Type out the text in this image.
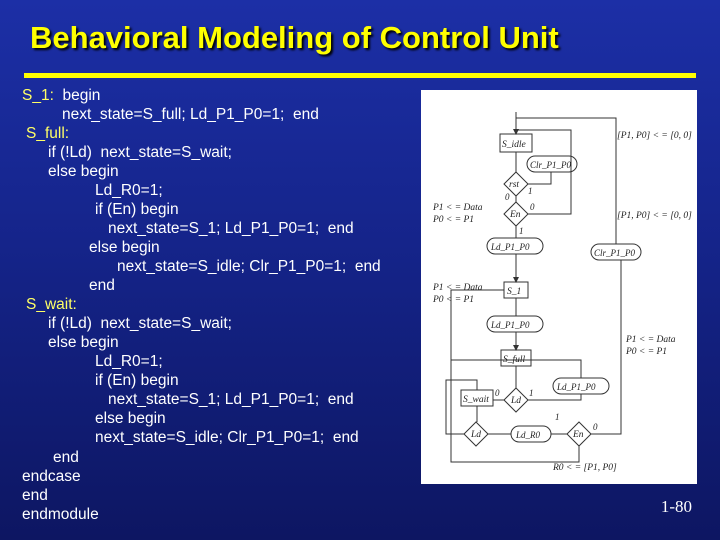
Behavioral Modeling of Control Unit
S_1:  begin
next_state=S_full; Ld_P1_P0=1;  end
S_full:
if (!Ld)  next_state=S_wait;
else begin
Ld_R0=1;
if (En) begin
next_state=S_1; Ld_P1_P0=1;  end
else begin
next_state=S_idle; Clr_P1_P0=1;  end
end
S_wait:
if (!Ld)  next_state=S_wait;
else begin
Ld_R0=1;
if (En) begin
next_state=S_1; Ld_P1_P0=1;  end
else begin
next_state=S_idle; Clr_P1_P0=1;  end
end
endcase
end
endmodule
S_idle
Clr_P1_P0
rst
En
Ld_P1_P0
Clr_P1_P0
S_1
Ld_P1_P0
S_full
Ld_P1_P0
S_wait Ld
Ld	Ld_R0	En
1
0
1
0
1
0
1
0
[P1, P0] < = [0, 0]
[P1, P0] < = [0, 0]
P1 < = Data
P0 < = P1
P1 < = Data
P0 < = P1
P1 < = Data
P0 < = P1
R0 < = [P1, P0]
1-80
